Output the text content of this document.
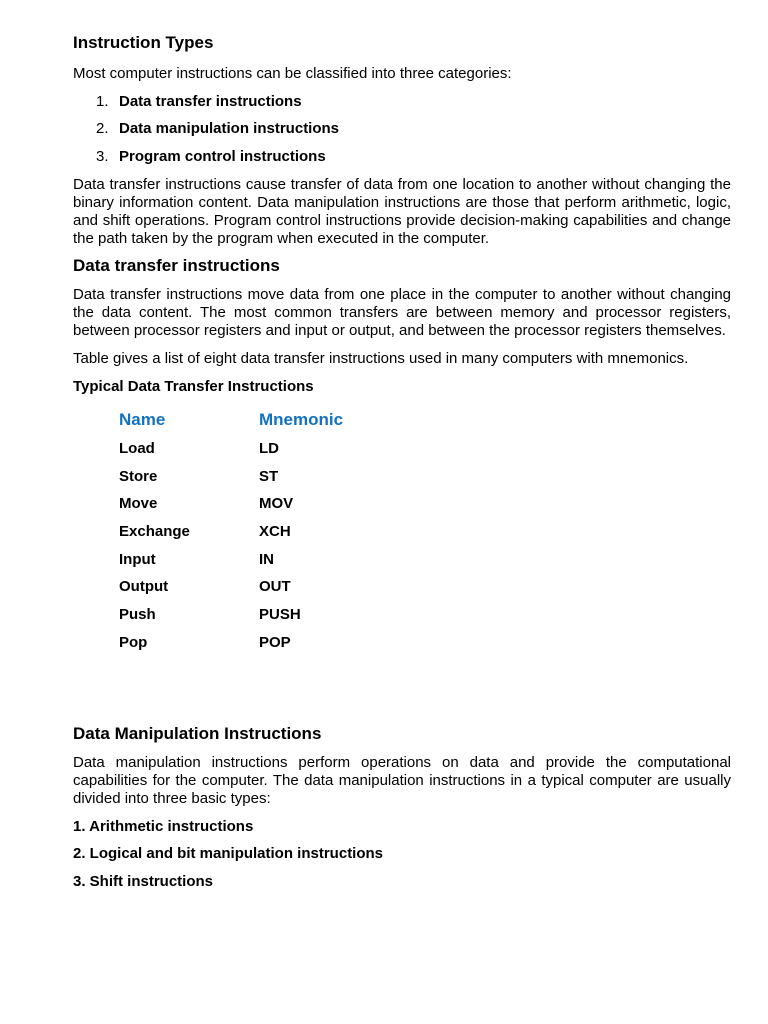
Instruction Types

Most computer instructions can be classified into three categories:

1. Data transfer instructions
2. Data manipulation instructions
3. Program control instructions

Data transfer instructions cause transfer of data from one location to another without changing the binary information content. Data manipulation instructions are those that perform arithmetic, logic, and shift operations. Program control instructions provide decision-making capabilities and change the path taken by the program when executed in the computer.

Data transfer instructions

Data transfer instructions move data from one place in the computer to another without changing the data content. The most common transfers are between memory and processor registers, between processor registers and input or output, and between the processor registers themselves.

Table gives a list of eight data transfer instructions used in many computers with mnemonics.

Typical Data Transfer Instructions
Name	Mnemonic
Load	LD
Store	ST
Move	MOV
Exchange	XCH
Input	IN
Output	OUT
Push	PUSH
Pop	POP
Data Manipulation Instructions

Data manipulation instructions perform operations on data and provide the computational capabilities for the computer. The data manipulation instructions in a typical computer are usually divided into three basic types:

1. Arithmetic instructions
2. Logical and bit manipulation instructions
3. Shift instructions
